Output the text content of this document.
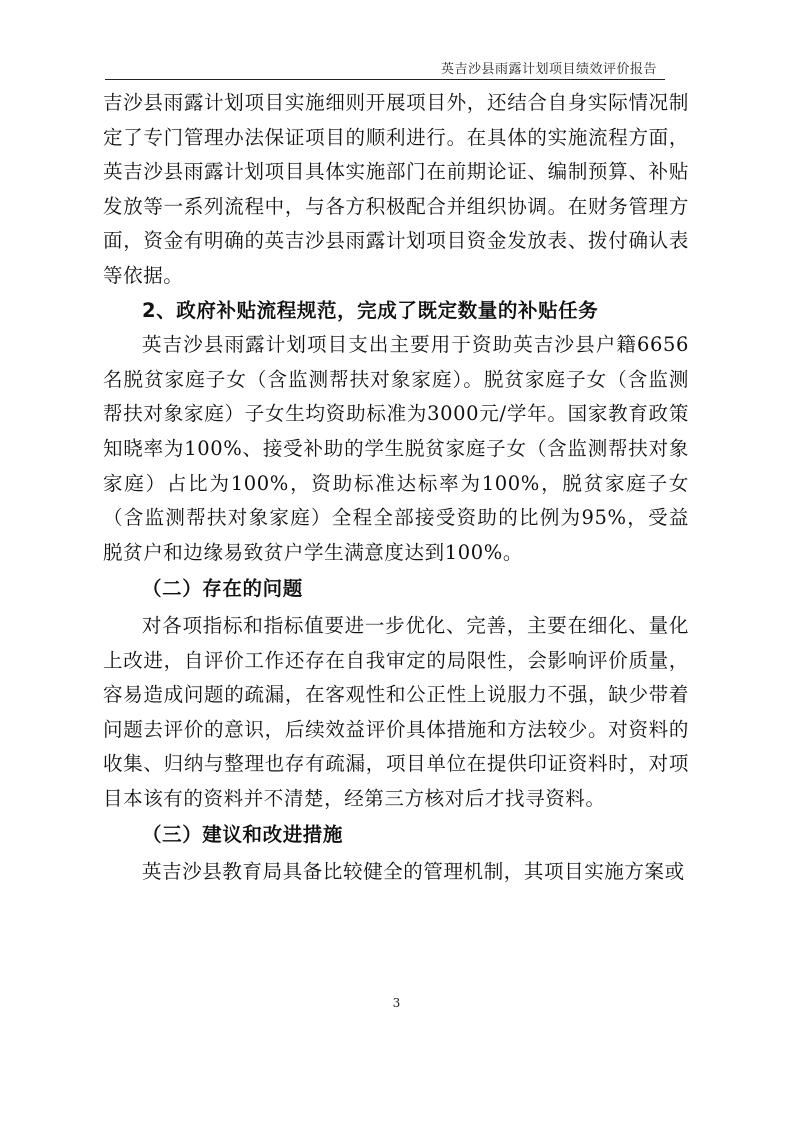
英吉沙县雨露计划项目绩效评价报告

吉沙县雨露计划项目实施细则开展项目外，还结合自身实际情况制定了专门管理办法保证项目的顺利进行。在具体的实施流程方面，英吉沙县雨露计划项目具体实施部门在前期论证、编制预算、补贴发放等一系列流程中，与各方积极配合并组织协调。在财务管理方面，资金有明确的英吉沙县雨露计划项目资金发放表、拨付确认表等依据。

2、政府补贴流程规范，完成了既定数量的补贴任务

英吉沙县雨露计划项目支出主要用于资助英吉沙县户籍6656名脱贫家庭子女（含监测帮扶对象家庭）。脱贫家庭子女（含监测帮扶对象家庭）子女生均资助标准为3000元/学年。国家教育政策知晓率为100%、接受补助的学生脱贫家庭子女（含监测帮扶对象家庭）占比为100%，资助标准达标率为100%，脱贫家庭子女（含监测帮扶对象家庭）全程全部接受资助的比例为95%，受益脱贫户和边缘易致贫户学生满意度达到100%。

（二）存在的问题

对各项指标和指标值要进一步优化、完善，主要在细化、量化上改进，自评价工作还存在自我审定的局限性，会影响评价质量，容易造成问题的疏漏，在客观性和公正性上说服力不强，缺少带着问题去评价的意识，后续效益评价具体措施和方法较少。对资料的收集、归纳与整理也存有疏漏，项目单位在提供印证资料时，对项目本该有的资料并不清楚，经第三方核对后才找寻资料。

（三）建议和改进措施

英吉沙县教育局具备比较健全的管理机制，其项目实施方案或

3
